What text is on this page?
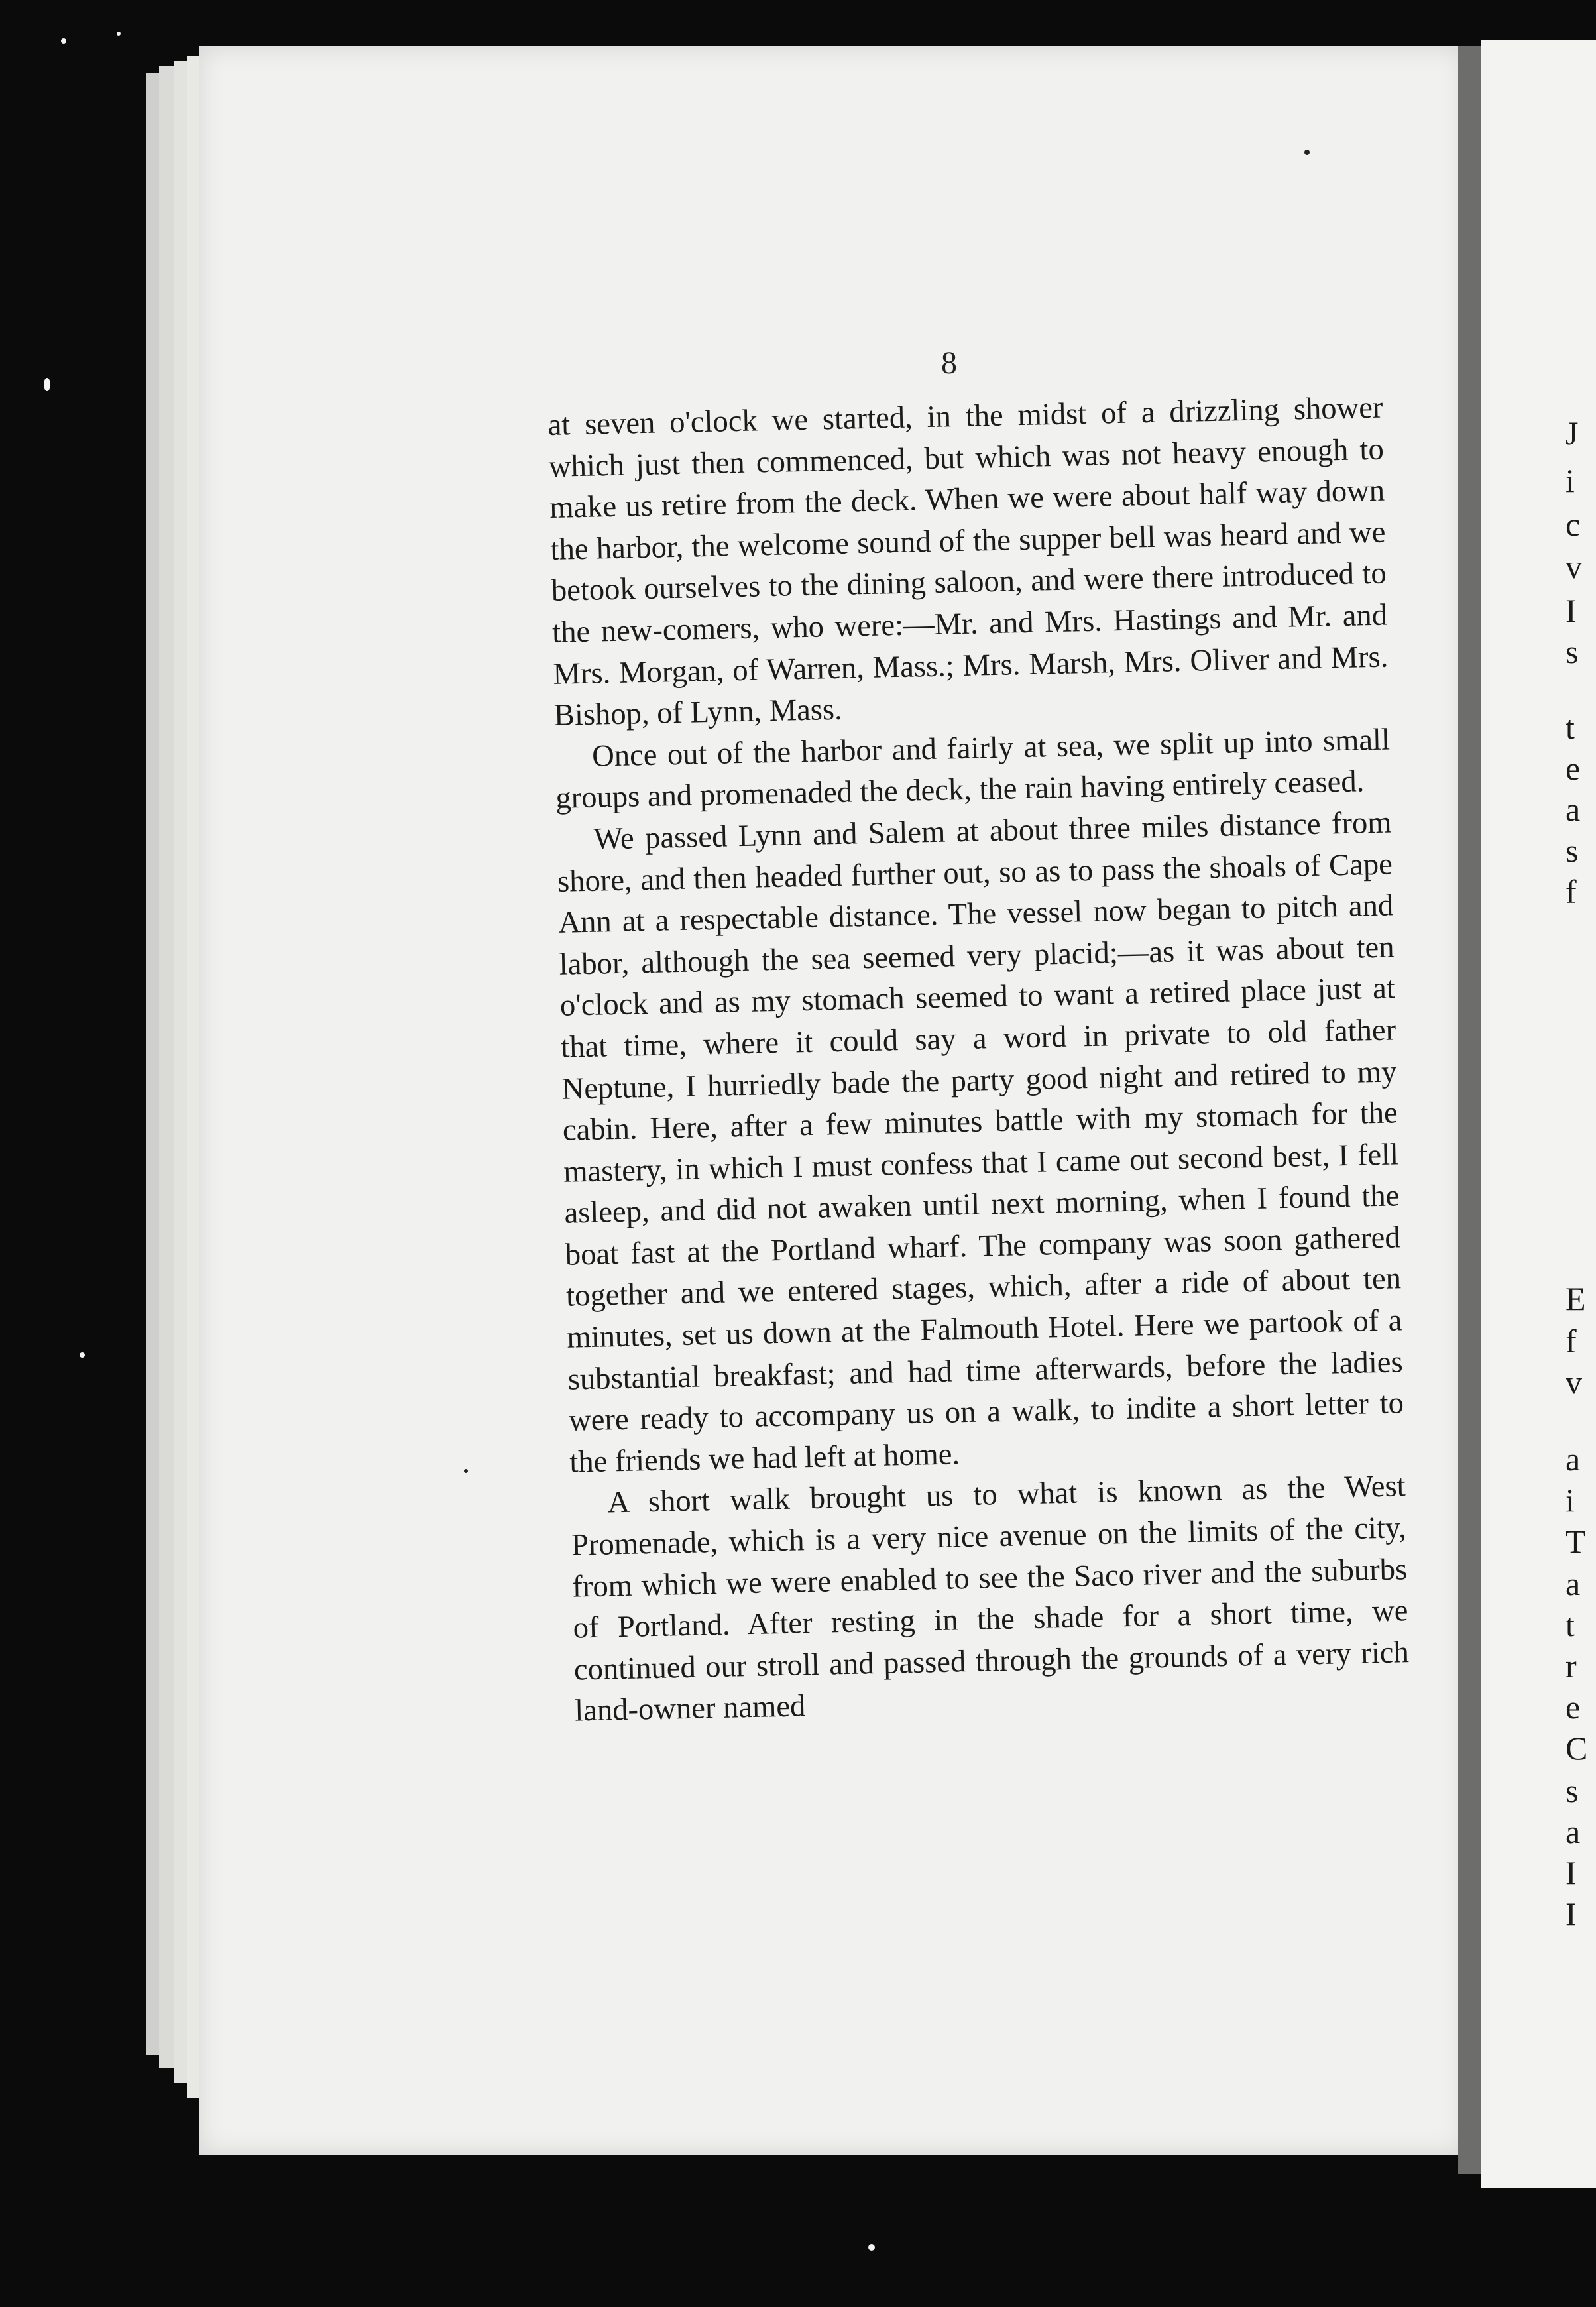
8

at seven o'clock we started, in the midst of a drizzling shower which just then commenced, but which was not heavy enough to make us retire from the deck. When we were about half way down the harbor, the welcome sound of the supper bell was heard and we betook ourselves to the dining saloon, and were there introduced to the new-comers, who were:—Mr. and Mrs. Hastings and Mr. and Mrs. Morgan, of Warren, Mass.; Mrs. Marsh, Mrs. Oliver and Mrs. Bishop, of Lynn, Mass.

Once out of the harbor and fairly at sea, we split up into small groups and promenaded the deck, the rain having entirely ceased.

We passed Lynn and Salem at about three miles distance from shore, and then headed further out, so as to pass the shoals of Cape Ann at a respectable distance. The vessel now began to pitch and labor, although the sea seemed very placid;—as it was about ten o'clock and as my stomach seemed to want a retired place just at that time, where it could say a word in private to old father Neptune, I hurriedly bade the party good night and retired to my cabin. Here, after a few minutes battle with my stomach for the mastery, in which I must confess that I came out second best, I fell asleep, and did not awaken until next morning, when I found the boat fast at the Portland wharf. The company was soon gathered together and we entered stages, which, after a ride of about ten minutes, set us down at the Falmouth Hotel. Here we partook of a substantial breakfast; and had time afterwards, before the ladies were ready to accompany us on a walk, to indite a short letter to the friends we had left at home.

A short walk brought us to what is known as the West Promenade, which is a very nice avenue on the limits of the city, from which we were enabled to see the Saco river and the suburbs of Portland. After resting in the shade for a short time, we continued our stroll and passed through the grounds of a very rich land-owner named

J
i
c
v
I
s
t
e
a
s
f
E
f
v
a
i
T
a
t
r
e
C
s
a
I
I
